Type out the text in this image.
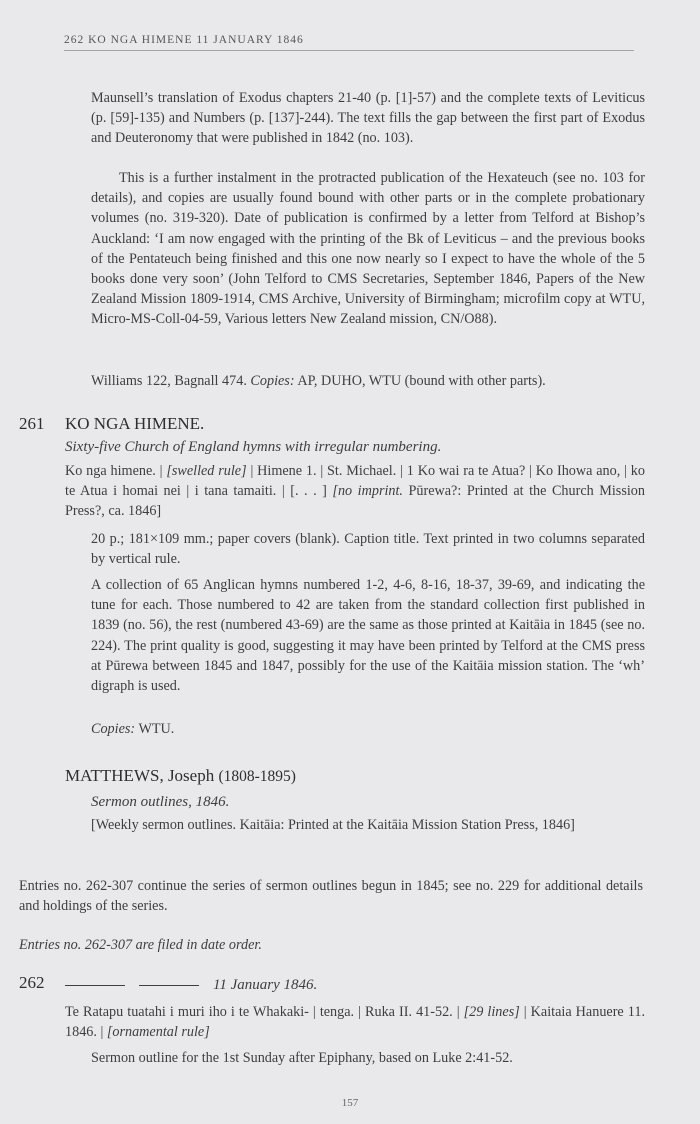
262 KO NGA HIMENE 11 JANUARY 1846
Maunsell’s translation of Exodus chapters 21-40 (p. [1]-57) and the complete texts of Leviticus (p. [59]-135) and Numbers (p. [137]-244). The text fills the gap between the first part of Exodus and Deuteronomy that were published in 1842 (no. 103).
This is a further instalment in the protracted publication of the Hexateuch (see no. 103 for details), and copies are usually found bound with other parts or in the complete probationary volumes (no. 319-320). Date of publication is confirmed by a letter from Telford at Bishop’s Auckland: ‘I am now engaged with the printing of the Bk of Leviticus – and the previous books of the Pentateuch being finished and this one now nearly so I expect to have the whole of the 5 books done very soon’ (John Telford to CMS Secretaries, September 1846, Papers of the New Zealand Mission 1809-1914, CMS Archive, University of Birmingham; microfilm copy at WTU, Micro-MS-Coll-04-59, Various letters New Zealand mission, CN/O88).
Williams 122, Bagnall 474. Copies: AP, DUHO, WTU (bound with other parts).
261 KO NGA HIMENE.
Sixty-five Church of England hymns with irregular numbering.
Ko nga himene. | [swelled rule] | Himene 1. | St. Michael. | 1 Ko wai ra te Atua? | Ko Ihowa ano, | ko te Atua i homai nei | i tana tamaiti. | [. . . ] [no imprint. Pūrewa?: Printed at the Church Mission Press?, ca. 1846]
20 p.; 181×109 mm.; paper covers (blank). Caption title. Text printed in two columns separated by vertical rule.
A collection of 65 Anglican hymns numbered 1-2, 4-6, 8-16, 18-37, 39-69, and indicating the tune for each. Those numbered to 42 are taken from the standard collection first published in 1839 (no. 56), the rest (numbered 43-69) are the same as those printed at Kaitāia in 1845 (see no. 224). The print quality is good, suggesting it may have been printed by Telford at the CMS press at Pūrewa between 1845 and 1847, possibly for the use of the Kaitāia mission station. The ‘wh’ digraph is used.
Copies: WTU.
MATTHEWS, Joseph (1808-1895)
Sermon outlines, 1846.
[Weekly sermon outlines. Kaitāia: Printed at the Kaitāia Mission Station Press, 1846]
Entries no. 262-307 continue the series of sermon outlines begun in 1845; see no. 229 for additional details and holdings of the series.
Entries no. 262-307 are filed in date order.
262	11 January 1846.
Te Ratapu tuatahi i muri iho i te Whakaki- | tenga. | Ruka II. 41-52. | [29 lines] | Kaitaia Hanuere 11. 1846. | [ornamental rule]
Sermon outline for the 1st Sunday after Epiphany, based on Luke 2:41-52.
157
